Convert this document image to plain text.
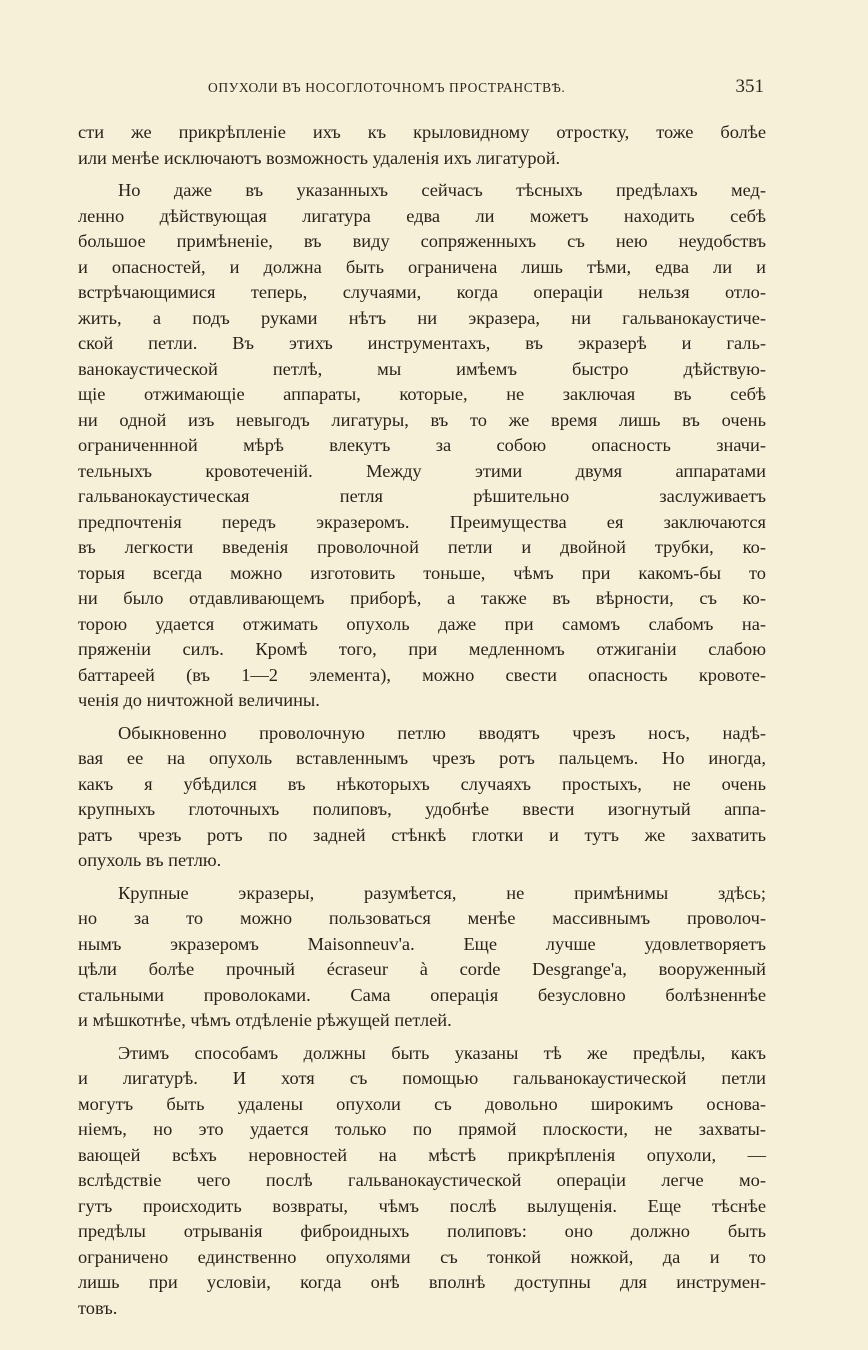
ОПУХОЛИ ВЪ НОСОГЛОТОЧНОМЪ ПРОСТРАНСТВѢ.	351
сти же прикрѣпленіе ихъ къ крыловидному отростку, тоже болѣе
или менѣе исключаютъ возможность удаленія ихъ лигатурой.
Но даже въ указанныхъ сейчасъ тѣсныхъ предѣлахъ мед-
ленно дѣйствующая лигатура едва ли можетъ находить себѣ
большое примѣненіе, въ виду сопряженныхъ съ нею неудобствъ
и опасностей, и должна быть ограничена лишь тѣми, едва ли и
встрѣчающимися теперь, случаями, когда операціи нельзя отло-
жить, а подъ руками нѣтъ ни экразера, ни гальванокаустиче-
ской петли. Въ этихъ инструментахъ, въ экразерѣ и галь-
ванокаустической петлѣ, мы имѣемъ быстро дѣйствую-
щіе отжимающіе аппараты, которые, не заключая въ себѣ
ни одной изъ невыгодъ лигатуры, въ то же время лишь въ очень
ограниченнной мѣрѣ влекутъ за собою опасность значи-
тельныхъ кровотеченій. Между этими двумя аппаратами
гальванокаустическая петля рѣшительно заслуживаетъ
предпочтенія передъ экразеромъ. Преимущества ея заключаются
въ легкости введенія проволочной петли и двойной трубки, ко-
торыя всегда можно изготовить тоньше, чѣмъ при какомъ-бы то
ни было отдавливающемъ приборѣ, а также въ вѣрности, съ ко-
торою удается отжимать опухоль даже при самомъ слабомъ на-
пряженіи силъ. Кромѣ того, при медленномъ отжиганіи слабою
баттареей (въ 1—2 элемента), можно свести опасность кровоте-
ченія до ничтожной величины.
Обыкновенно проволочную петлю вводятъ чрезъ носъ, надѣ-
вая ее на опухоль вставленнымъ чрезъ ротъ пальцемъ. Но иногда,
какъ я убѣдился въ нѣкоторыхъ случаяхъ простыхъ, не очень
крупныхъ глоточныхъ полиповъ, удобнѣе ввести изогнутый аппа-
ратъ чрезъ ротъ по задней стѣнкѣ глотки и тутъ же захватить
опухоль въ петлю.
Крупные экразеры, разумѣется, не примѣнимы здѣсь;
но за то можно пользоваться менѣе массивнымъ проволоч-
нымъ экразеромъ Maisonneuv'а. Еще лучше удовлетворяетъ
цѣли болѣе прочный écraseur à corde Desgrange'а, вооруженный
стальными проволоками. Сама операція безусловно болѣзненнѣе
и мѣшкотнѣе, чѣмъ отдѣленіе рѣжущей петлей.
Этимъ способамъ должны быть указаны тѣ же предѣлы, какъ
и лигатурѣ. И хотя съ помощью гальванокаустической петли
могутъ быть удалены опухоли съ довольно широкимъ основа-
ніемъ, но это удается только по прямой плоскости, не захваты-
вающей всѣхъ неровностей на мѣстѣ прикрѣпленія опухоли, —
вслѣдствіе чего послѣ гальванокаустической операціи легче мо-
гутъ происходить возвраты, чѣмъ послѣ вылущенія. Еще тѣснѣе
предѣлы отрыванія фиброидныхъ полиповъ: оно должно быть
ограничено единственно опухолями съ тонкой ножкой, да и то
лишь при условіи, когда онѣ вполнѣ доступны для инструмен-
товъ.
